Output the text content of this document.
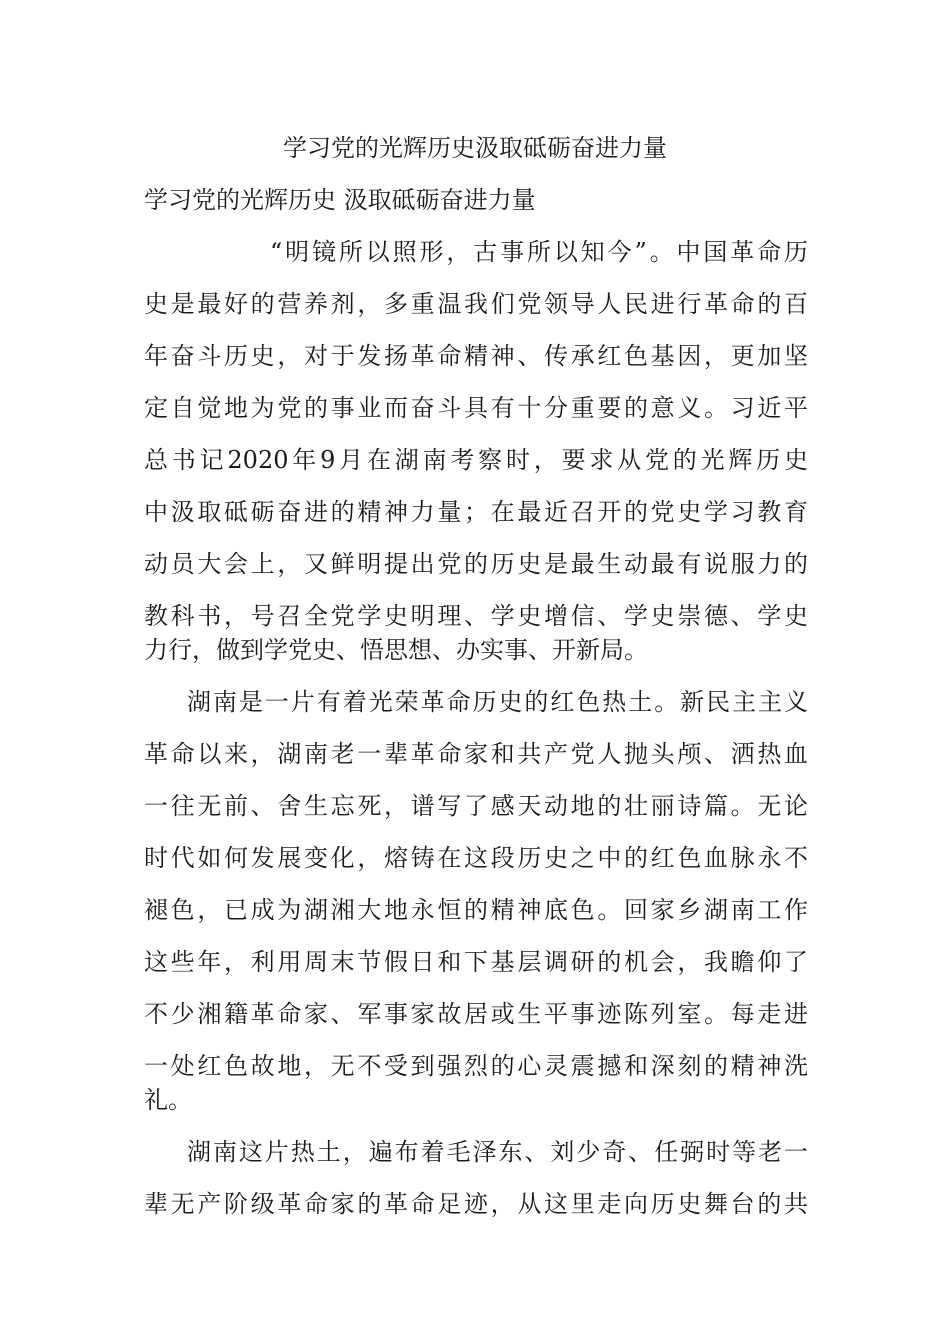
学习党的光辉历史汲取砥砺奋进力量
学习党的光辉历史 汲取砥砺奋进力量
“明镜所以照形，古事所以知今”。中国革命历
史是最好的营养剂，多重温我们党领导人民进行革命的百
年奋斗历史，对于发扬革命精神、传承红色基因，更加坚
定自觉地为党的事业而奋斗具有十分重要的意义。习近平
总书记2020年9月在湖南考察时，要求从党的光辉历史
中汲取砥砺奋进的精神力量；在最近召开的党史学习教育
动员大会上，又鲜明提出党的历史是最生动最有说服力的
教科书，号召全党学史明理、学史增信、学史崇德、学史
力行，做到学党史、悟思想、办实事、开新局。
湖南是一片有着光荣革命历史的红色热土。新民主主义
革命以来，湖南老一辈革命家和共产党人抛头颅、洒热血
一往无前、舍生忘死，谱写了感天动地的壮丽诗篇。无论
时代如何发展变化，熔铸在这段历史之中的红色血脉永不
褪色，已成为湖湘大地永恒的精神底色。回家乡湖南工作
这些年，利用周末节假日和下基层调研的机会，我瞻仰了
不少湘籍革命家、军事家故居或生平事迹陈列室。每走进
一处红色故地，无不受到强烈的心灵震撼和深刻的精神洗
礼。
湖南这片热土，遍布着毛泽东、刘少奇、任弼时等老一
辈无产阶级革命家的革命足迹，从这里走向历史舞台的共
